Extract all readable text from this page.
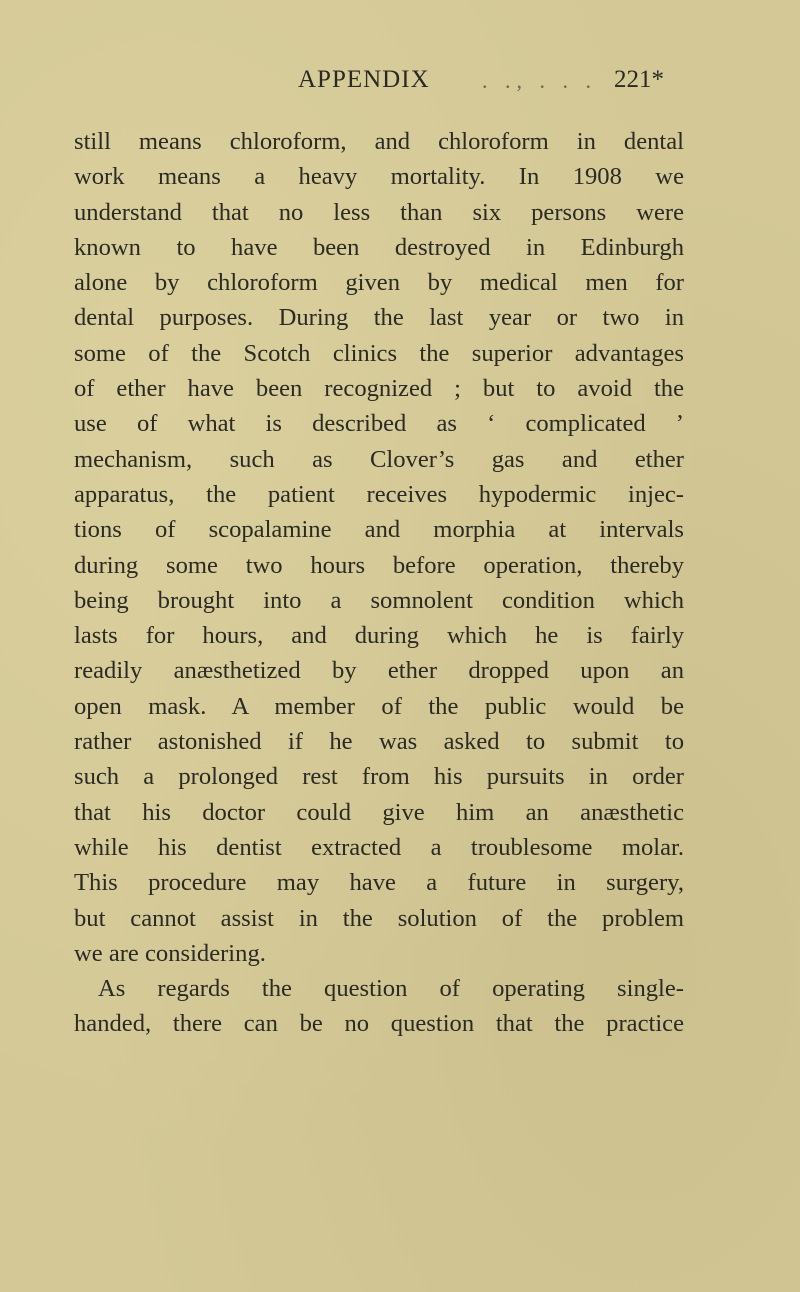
APPENDIX . ., . . . 221*
still means chloroform, and chloroform in dental
work means a heavy mortality. In 1908 we
understand that no less than six persons were
known to have been destroyed in Edinburgh
alone by chloroform given by medical men for
dental purposes. During the last year or two in
some of the Scotch clinics the superior advantages
of ether have been recognized ; but to avoid the
use of what is described as ‘ complicated ’
mechanism, such as Clover’s gas and ether
apparatus, the patient receives hypodermic injec-
tions of scopalamine and morphia at intervals
during some two hours before operation, thereby
being brought into a somnolent condition which
lasts for hours, and during which he is fairly
readily anæsthetized by ether dropped upon an
open mask. A member of the public would be
rather astonished if he was asked to submit to
such a prolonged rest from his pursuits in order
that his doctor could give him an anæsthetic
while his dentist extracted a troublesome molar.
This procedure may have a future in surgery,
but cannot assist in the solution of the problem
we are considering.
As regards the question of operating single-
handed, there can be no question that the practice
